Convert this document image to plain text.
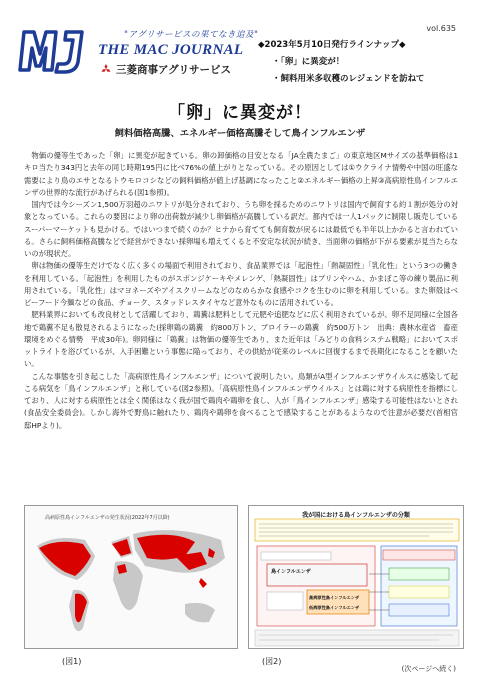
"アグリサービスの果てなき追及"
THE MAC JOURNAL
三菱商事アグリサービス
vol.635
◆2023年5月10日発行ラインナップ◆
・「卵」に異変が！
・飼料用米多収穫のレジェンドを訪ねて
「卵」に異変が！
飼料価格高騰、エネルギー価格高騰そして鳥インフルエンザ

物価の優等生であった「卵」に異変が起きている。卵の卸価格の目安となる「JA全農たまご」の東京地区Mサイズの基準価格は1キロ当たり343円と去年の同じ時期195円に比べ76%の値上がりとなっている。その原因としては①ウクライナ情勢や中国の旺盛な需要により鳥のエサとなるトウモロコシなどの飼料価格が値上げ基調になったこと②エネルギー価格の上昇③高病原性鳥インフルエンザの世界的な流行があげられる(図1参照)。

国内では今シーズン1,500万羽超のニワトリが処分されており、うち卵を採るためのニワトリは国内で飼育する約１割が処分の対象となっている。これらの要因により卵の出荷数が減少し卵価格が高騰している訳だ。都内では一人1パックに制限し販売しているスーパーマーケットも見かける。ではいつまで続くのか？ヒナから育てても飼育数が戻るには最低でも半年以上かかると言われている。さらに飼料価格高騰などで経営ができない採卵場も増えてくると不安定な状況が続き、当面卵の価格が下がる要素が見当たらないのが現状だ。

卵は物価の優等生だけでなく広く多くの場面で利用されており、食品業界では「起泡性」「熱凝固性」「乳化性」という3つの働きを利用している。「起泡性」を利用したものがスポンジケーキやメレンゲ、「熱凝固性」はプリンやハム、かまぼこ等の練り製品に利用されている。「乳化性」はマヨネーズやアイスクリームなどのなめらかな食感やコクを生むのに卵を利用している。また卵殻はベビーフード今麺などの食品、チョーク、スタッドレスタイヤなど意外なものに活用されている。

肥料業界においても改良材として活躍しており、鶏糞は肥料として元肥や追肥などに広く利用されているが、卵不足同様に全国各地で鶏糞不足も散見されるようになった(採卵鶏の鶏糞　約800万トン、ブロイラーの鶏糞　約500万トン　出典：農林水産省　畜産環境をめぐる情勢　平成30年)。卵同様に「鶏糞」は物価の優等生であり、また近年は「みどりの食料システム戦略」においてスポットライトを浴びているが、入手困難という事態に陥っており、その供給が従来のレベルに回復するまで長期化になることを顧いたい。

こんな事態を引き起こした「高病原性鳥インフルエンザ」について説明したい。鳥類がA型インフルエンザウイルスに感染して起こる病気を「鳥インフルエンザ」と称している(図2参照)。「高病原性鳥インフルエンザウイルス」とは鶏に対する病原性を指標にしており、人に対する病原性とは全く関係はなく我が国で鶏肉や鶏卵を食し、人が「鳥インフルエンザ」感染する可能性はないとされ(食品安全委員会)。しかし海外で野鳥に触れたり、鶏肉や鶏卵を食べることで感染することがあるようなので注意が必要だ(首相官邸HPより)。

高病原性鳥インフルエンザの発生状況(2022年7月以降)	我が国における鳥インフルエンザの分類
鳥インフルエンザ
高病原性鳥インフルエンザ
低病原性鳥インフルエンザ
(図1)	(図2)
(次ページへ続く)
